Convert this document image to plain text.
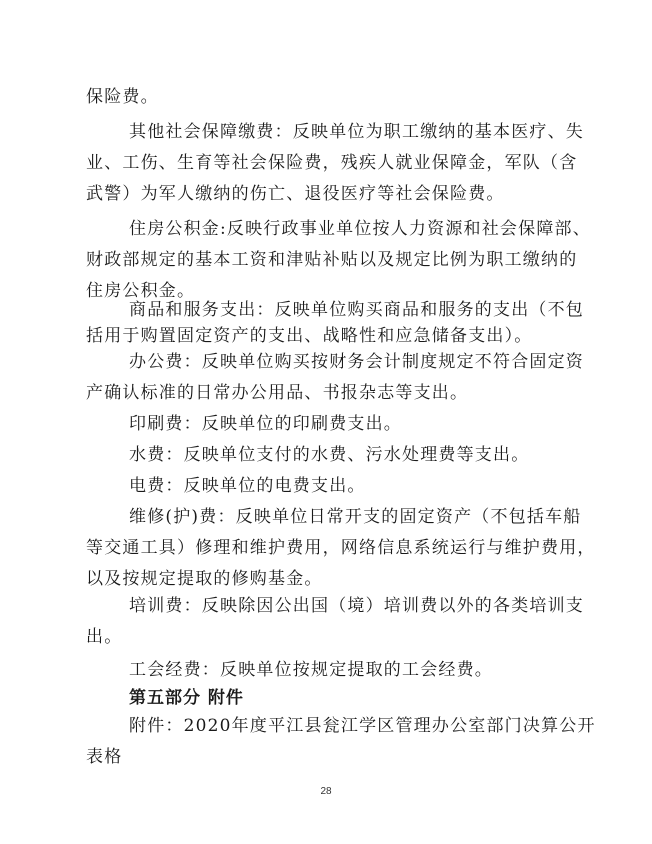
保险费。
其他社会保障缴费：反映单位为职工缴纳的基本医疗、失
业、工伤、生育等社会保险费，残疾人就业保障金，军队（含
武警）为军人缴纳的伤亡、退役医疗等社会保险费。
住房公积金:反映行政事业单位按人力资源和社会保障部、
财政部规定的基本工资和津贴补贴以及规定比例为职工缴纳的
住房公积金。
商品和服务支出：反映单位购买商品和服务的支出（不包
括用于购置固定资产的支出、战略性和应急储备支出）。
办公费：反映单位购买按财务会计制度规定不符合固定资
产确认标准的日常办公用品、书报杂志等支出。
印刷费：反映单位的印刷费支出。
水费：反映单位支付的水费、污水处理费等支出。
电费：反映单位的电费支出。
维修(护)费：反映单位日常开支的固定资产（不包括车船
等交通工具）修理和维护费用，网络信息系统运行与维护费用，
以及按规定提取的修购基金。
培训费：反映除因公出国（境）培训费以外的各类培训支
出。
工会经费：反映单位按规定提取的工会经费。
第五部分 附件
附件：2020年度平江县瓮江学区管理办公室部门决算公开
表格
28
